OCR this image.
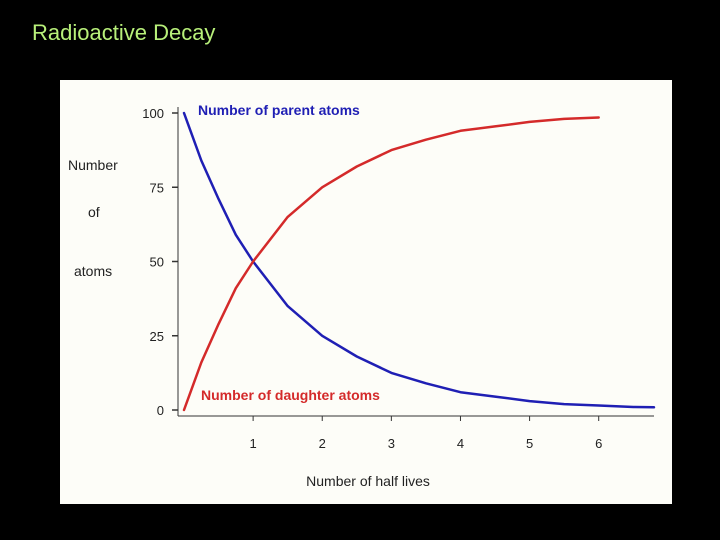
Radioactive Decay
Number
of
atoms
0
25
50
75
100
1	2	3	4	5	6
Number of half lives
Number of parent atoms
Number of daughter atoms
